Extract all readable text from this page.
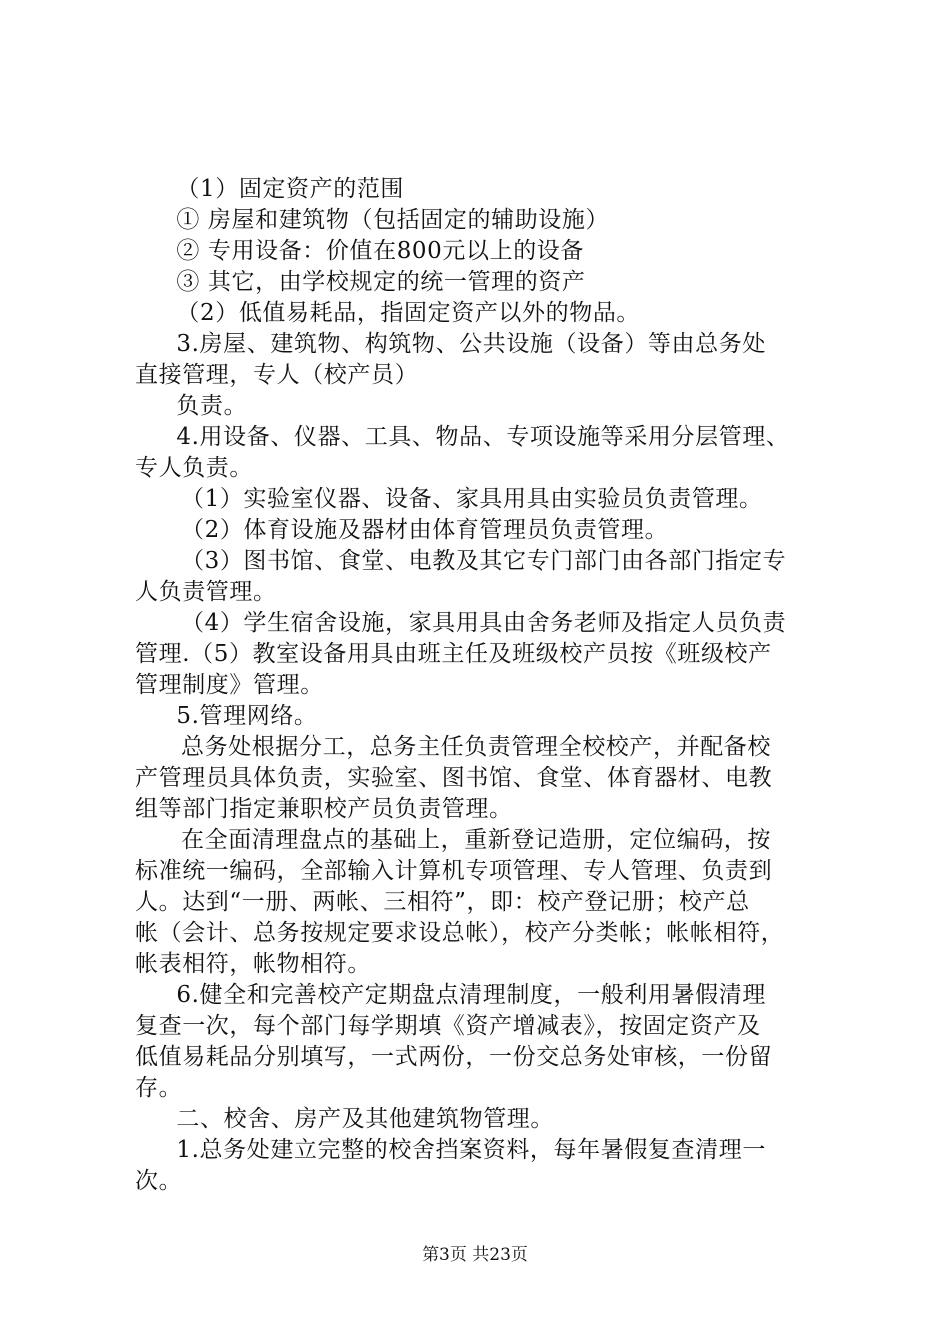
（1）固定资产的范围
① 房屋和建筑物（包括固定的辅助设施）
② 专用设备：价值在800元以上的设备
③ 其它，由学校规定的统一管理的资产
（2）低值易耗品，指固定资产以外的物品。
3.房屋、建筑物、构筑物、公共设施（设备）等由总务处
直接管理，专人（校产员）
负责。
4.用设备、仪器、工具、物品、专项设施等采用分层管理、
专人负责。
（1）实验室仪器、设备、家具用具由实验员负责管理。
（2）体育设施及器材由体育管理员负责管理。
（3）图书馆、食堂、电教及其它专门部门由各部门指定专
人负责管理。
（4）学生宿舍设施，家具用具由舍务老师及指定人员负责
管理.（5）教室设备用具由班主任及班级校产员按《班级校产
管理制度》管理。
5.管理网络。
总务处根据分工，总务主任负责管理全校校产，并配备校
产管理员具体负责，实验室、图书馆、食堂、体育器材、电教
组等部门指定兼职校产员负责管理。
在全面清理盘点的基础上，重新登记造册，定位编码，按
标准统一编码，全部输入计算机专项管理、专人管理、负责到
人。达到“一册、两帐、三相符”，即：校产登记册；校产总
帐（会计、总务按规定要求设总帐），校产分类帐；帐帐相符，
帐表相符，帐物相符。
6.健全和完善校产定期盘点清理制度，一般利用暑假清理
复查一次，每个部门每学期填《资产增减表》，按固定资产及
低值易耗品分别填写，一式两份，一份交总务处审核，一份留
存。
二、校舍、房产及其他建筑物管理。
1.总务处建立完整的校舍挡案资料，每年暑假复查清理一
次。
第3页 共23页
